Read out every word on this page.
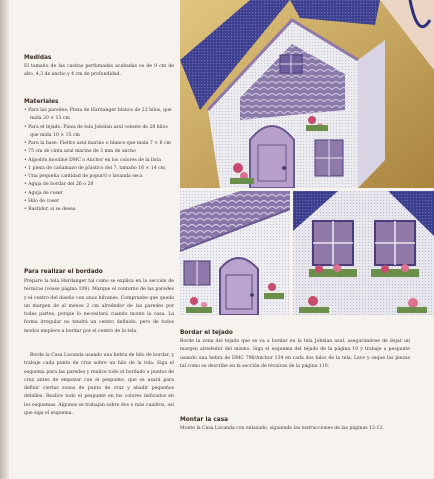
Medidas

El tamaño de las casitas perfumadas acabadas es de 9 cm de alto, 4,3 de ancho y 4 cm de profundidad.

Materiales
• Para las paredes: Pieza de Hardanger blanco de 22 hilos, que mida 20 × 13 cm
• Para el tejado: Pieza de tela Jobelan azul celeste de 28 hilos que mida 10 × 15 cm
• Para la base: Fieltro azul marino o blanco que mida 7 × 6 cm
• 75 cm de cinta azul marino de 3 mm de ancho
• Algodón mouliné DMC o Anchor en los colores de la lista
• 1 pieza de cañamazo de plástico del 7, tamaño 16 × 14 cm
• Una pequeña cantidad de popurrí o lavanda seca
• Aguja de bordar del 26 o 28
• Aguja de coser
• Hilo de coser
• Bastidor, si se desea
Para realizar el bordado

Prepare la tela Hardanger tal como se explica en la sección de técnicas (véase página 109). Marque el contorno de las paredes y el centro del diseño con unos hilvanes. Compruebe que queda un margen de al menos 2 cm alrededor de las paredes por todas partes, porque lo necesitará cuando monte la casa. La forma irregular no tendrá un centro definido, pero de todos modos empiece a bordar por el centro de la tela.

Borde la Casa Lavanda usando una hebra de hilo de bordar, y trabaje cada punto de cruz sobre un hilo de la tela. Siga el esquema para las paredes y realice todo el bordado a puntos de cruz antes de empezar con el pespunte, que se usará para definir ciertas zonas de punto de cruz y añadir pequeños detalles. Realice todo el pespunte en los colores indicados en los esquemas. Algunos se trabajan sobre dos o más cuadros, así que siga el esquema.

Bordar el tejado

Borde la zona del tejado que se va a bordar en la tela Jobelan azul, asegurándose de dejar un margen alrededor del mismo. Siga el esquema del tejado de la página 10 y trabaje a pespunte usando una hebra de DMC 796/Anchor 134 en cada dos hilos de la tela. Lave y seque las piezas tal como se describe en la sección de técnicas de la página 110.

Montar la casa

Monte la Casa Lavanda con enlazado, siguiendo las instrucciones de las páginas 12-13.
